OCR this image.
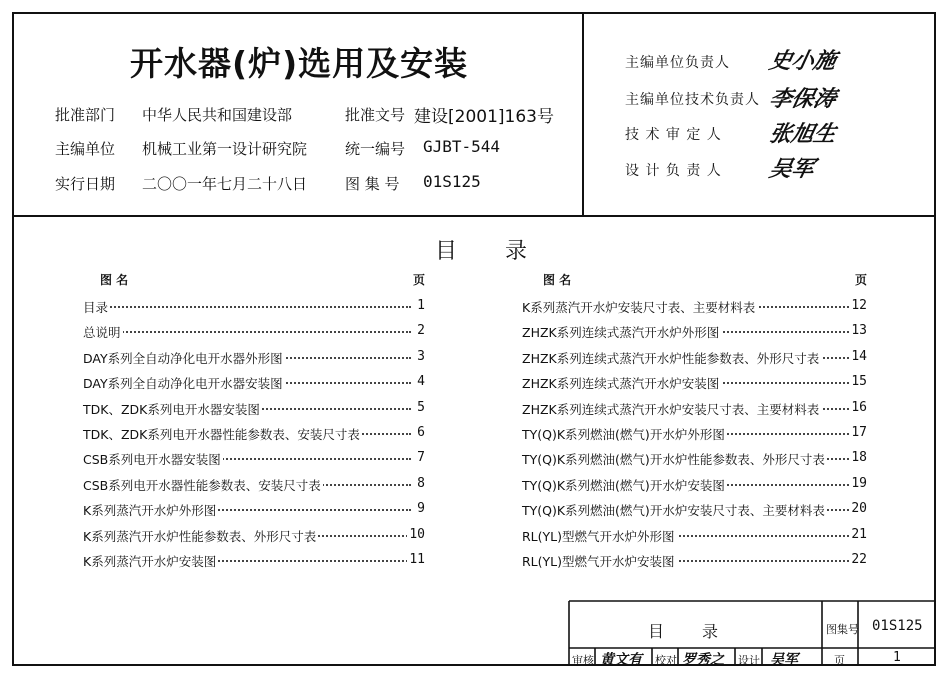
开水器(炉)选用及安装
批准部门 中华人民共和国建设部	批准文号 建设[2001]163号
主编单位 机械工业第一设计研究院	统一编号 GJBT-544
实行日期 二〇〇一年七月二十八日	图 集 号 01S125
主编单位负责人 史小施
主编单位技术负责人 李保涛
技 术 审 定 人 张旭生
设 计 负 责 人 吴军
目录
图 名	页	图 名	页
目录	1
总说明	2
DAY系列全自动净化电开水器外形图	3
DAY系列全自动净化电开水器安装图	4
TDK、ZDK系列电开水器安装图	5
TDK、ZDK系列电开水器性能参数表、安装尺寸表	6
CSB系列电开水器安装图	7
CSB系列电开水器性能参数表、安装尺寸表	8
K系列蒸汽开水炉外形图	9
K系列蒸汽开水炉性能参数表、外形尺寸表	10
K系列蒸汽开水炉安装图	11
K系列蒸汽开水炉安装尺寸表、主要材料表	12
ZHZK系列连续式蒸汽开水炉外形图	13
ZHZK系列连续式蒸汽开水炉性能参数表、外形尺寸表 14
ZHZK系列连续式蒸汽开水炉安装图	15
ZHZK系列连续式蒸汽开水炉安装尺寸表、主要材料表 16
TY(Q)K系列燃油(燃气)开水炉外形图	17
TY(Q)K系列燃油(燃气)开水炉性能参数表、外形尺寸表 18
TY(Q)K系列燃油(燃气)开水炉安装图	19
TY(Q)K系列燃油(燃气)开水炉安装尺寸表、主要材料表 20
RL(YL)型燃气开水炉外形图	21
RL(YL)型燃气开水炉安装图	22
目录	图集号 01S125
审核 黄文有 校对 罗秀之 设计 吴军	页	1
